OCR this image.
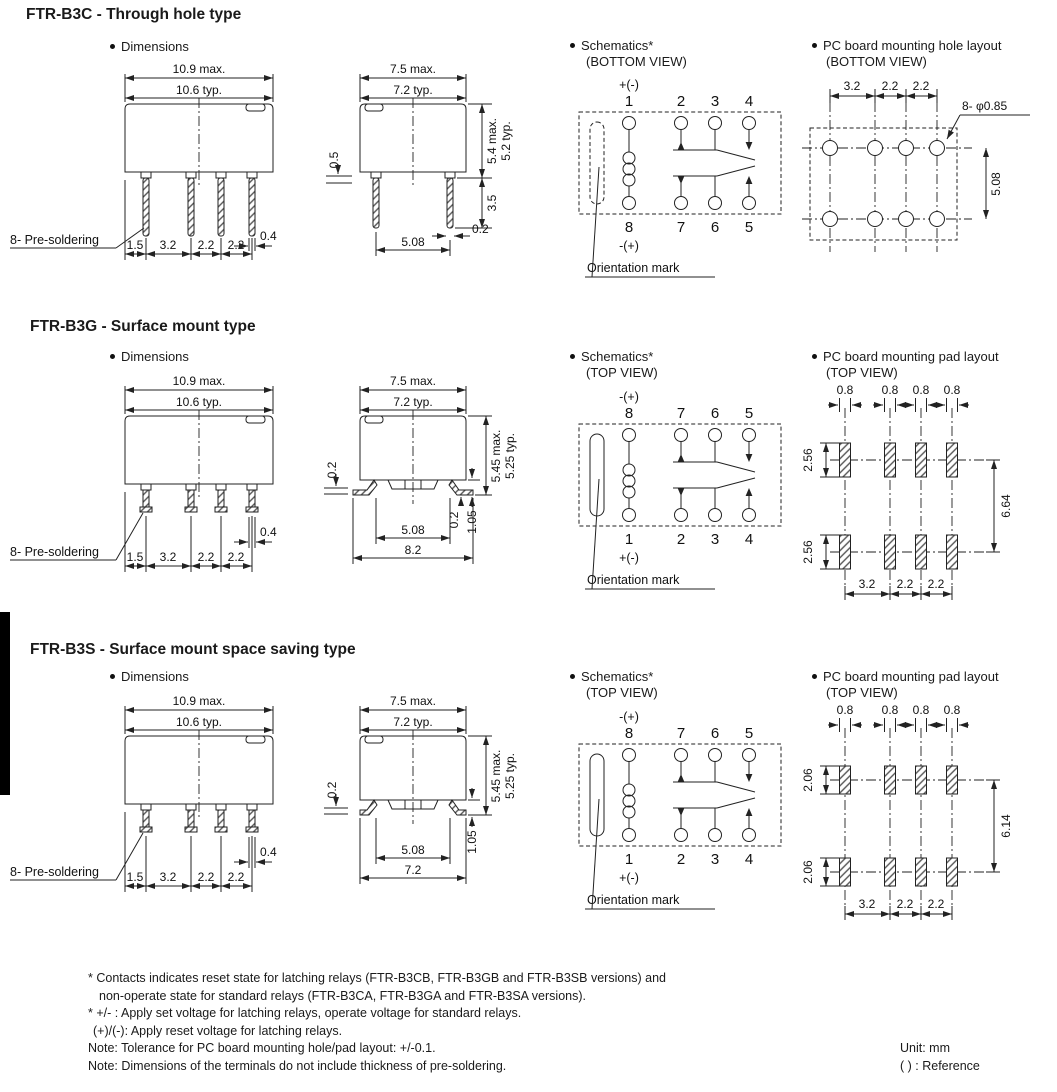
FTR-B3C - Through hole type
Dimensions
10.9 max.
10.6 typ.
1.5 3.2 2.2 2.2
0.4
8- Pre-soldering
7.5 max.
7.2 typ.
0.5	5.4 max. 5.2 typ.
3.5
0.2
5.08
Schematics*
(BOTTOM VIEW)
+(-)
1	2 3 4
8	7 6 5
-(+)
Orientation mark
PC board mounting hole layout
(BOTTOM VIEW)
3.2 2.2 2.2
8- φ0.85
5.08
FTR-B3G - Surface mount type
Dimensions
10.9 max.
10.6 typ.
1.5 3.2 2.2 2.2
0.4
8- Pre-soldering
7.5 max.
7.2 typ.
0.2	5.45 max. 5.25 typ.
0.2 1.05
5.08
8.2
Schematics*
(TOP VIEW)
-(+)
8	7 6 5
1	2 3 4
+(-)
Orientation mark
PC board mounting pad layout
(TOP VIEW)
0.8 0.8 0.8 0.8
2.56
2.56
6.64
3.2 2.2 2.2
FTR-B3S - Surface mount space saving type
Dimensions
10.9 max.
10.6 typ.
1.5 3.2 2.2 2.2
0.4
8- Pre-soldering
7.5 max.
7.2 typ.
0.2	5.45 max. 5.25 typ.
1.05
5.08
7.2
Schematics*
(TOP VIEW)
-(+)
8	7 6 5
1	2 3 4
+(-)
Orientation mark
PC board mounting pad layout
(TOP VIEW)
0.8 0.8 0.8 0.8
2.06
2.06
6.14
3.2 2.2 2.2
* Contacts indicates reset state for latching relays (FTR-B3CB, FTR-B3GB and FTR-B3SB versions) and
non-operate state for standard relays (FTR-B3CA, FTR-B3GA and FTR-B3SA versions).
* +/- : Apply set voltage for latching relays, operate voltage for standard relays.
(+)/(-): Apply reset voltage for latching relays.
Note: Tolerance for PC board mounting hole/pad layout: +/-0.1.
Note: Dimensions of the terminals do not include thickness of pre-soldering.
Unit: mm
( ) : Reference
